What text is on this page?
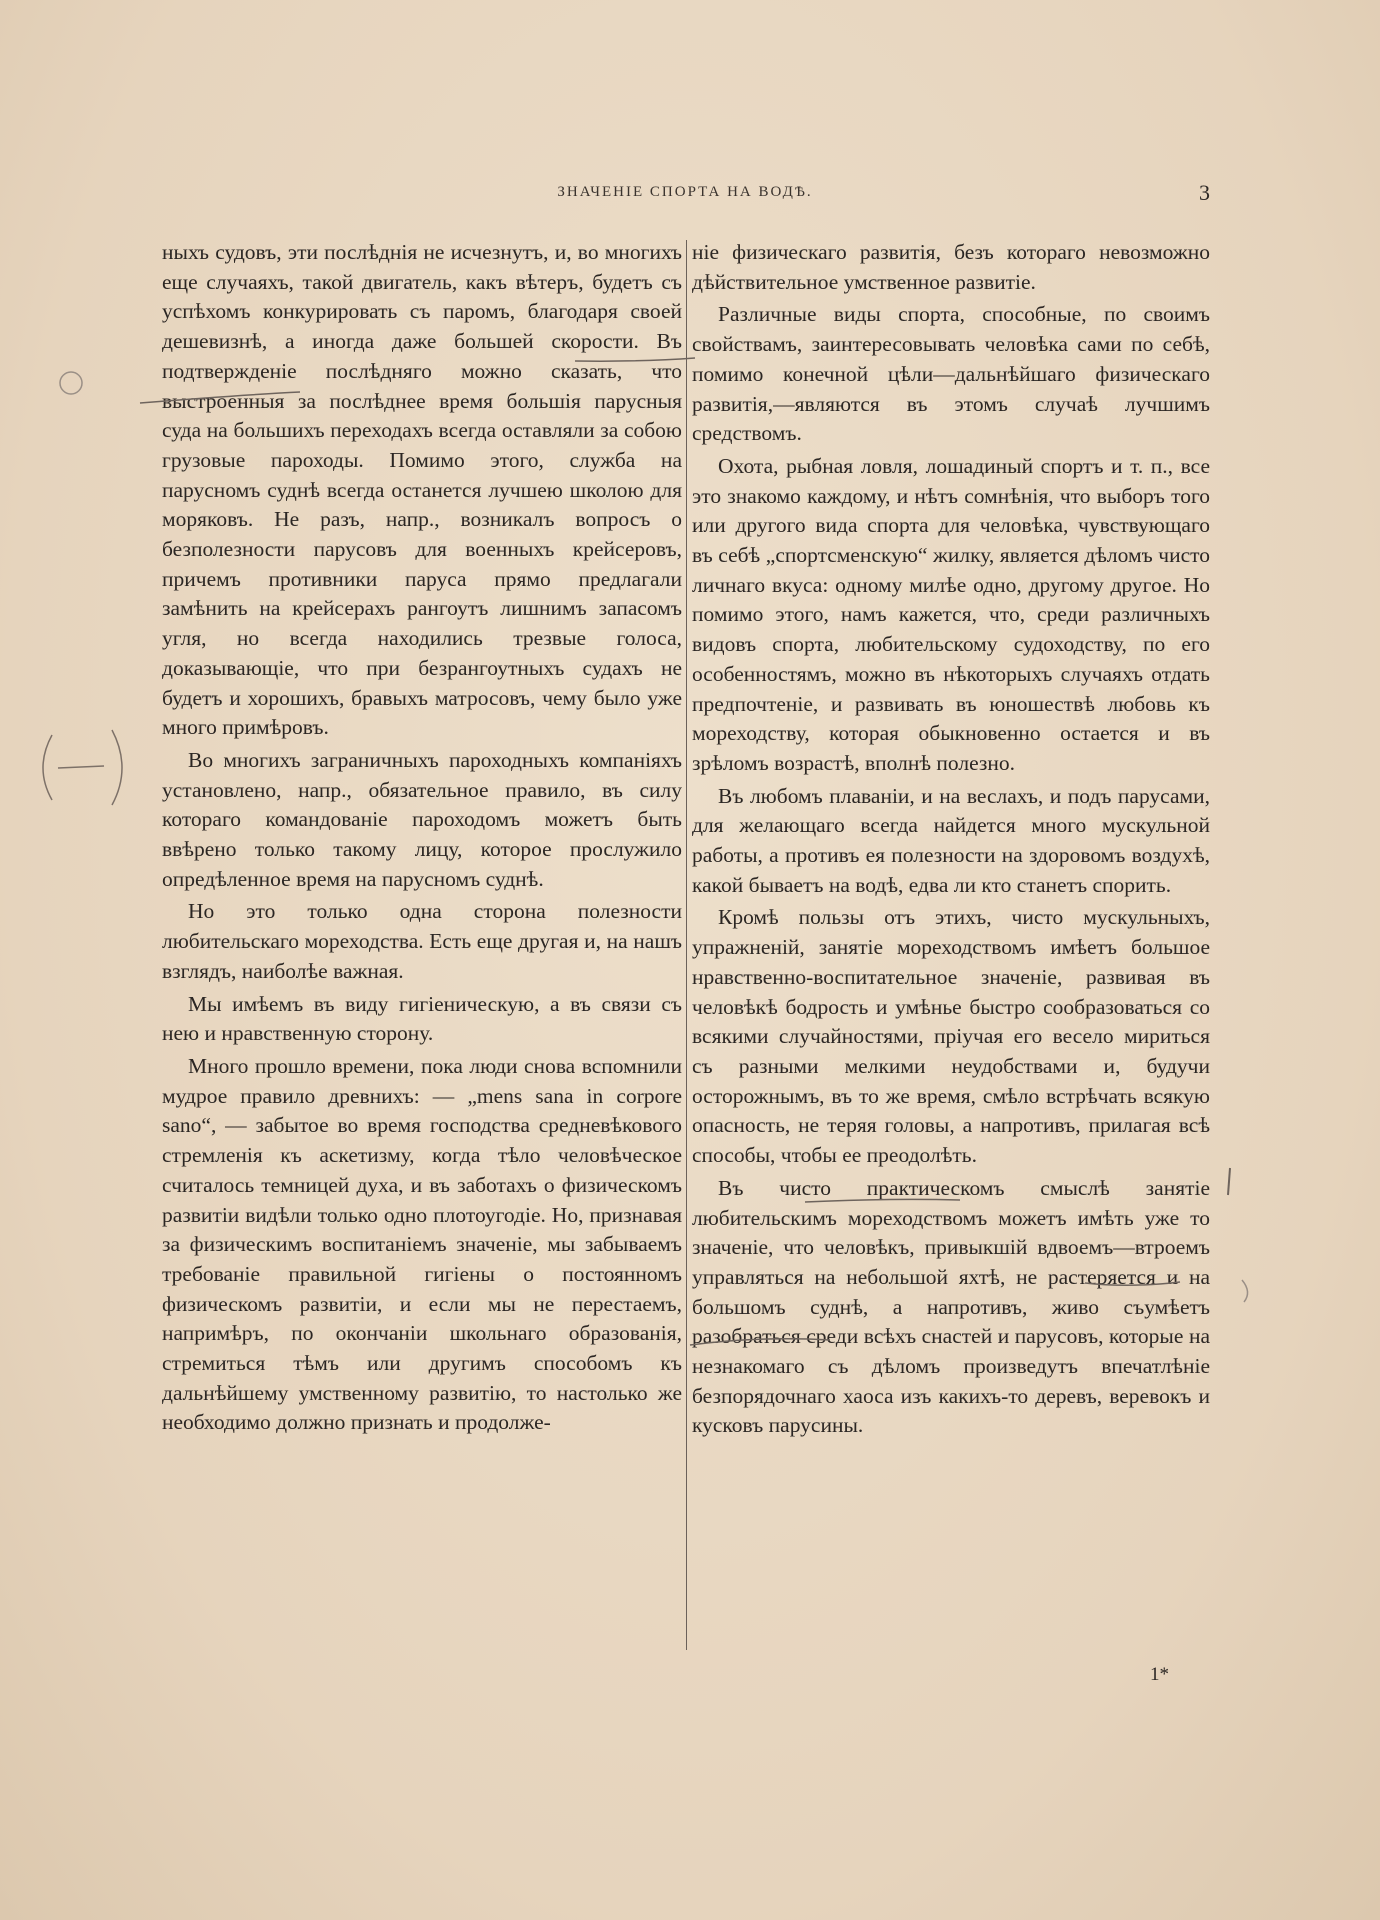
ЗНАЧЕНІЕ СПОРТА НА ВОДѢ.	3

ныхъ судовъ, эти послѣднія не исчезнутъ, и, во многихъ еще случаяхъ, такой двигатель, какъ вѣтеръ, будетъ съ успѣхомъ конкурировать съ паромъ, благодаря своей дешевизнѣ, а иногда даже большей скорости. Въ подтвержденіе послѣдняго можно сказать, что выстроенныя за послѣднее время большія парусныя суда на большихъ переходахъ всегда оставляли за собою грузовые пароходы. Помимо этого, служба на парусномъ суднѣ всегда останется лучшею школою для моряковъ. Не разъ, напр., возникалъ вопросъ о безполезности парусовъ для военныхъ крейсеровъ, причемъ противники паруса прямо предлагали замѣнить на крейсерахъ рангоутъ лишнимъ запасомъ угля, но всегда находились трезвые голоса, доказывающіе, что при безрангоутныхъ судахъ не будетъ и хорошихъ, бравыхъ матросовъ, чему было уже много примѣровъ.

Во многихъ заграничныхъ пароходныхъ компаніяхъ установлено, напр., обязательное правило, въ силу котораго командованіе пароходомъ можетъ быть ввѣрено только такому лицу, которое прослужило опредѣленное время на парусномъ суднѣ.

Но это только одна сторона полезности любительскаго мореходства. Есть еще другая и, на нашъ взглядъ, наиболѣе важная.

Мы имѣемъ въ виду гигіеническую, а въ связи съ нею и нравственную сторону.

Много прошло времени, пока люди снова вспомнили мудрое правило древнихъ: — „mens sana in corpore sano“, — забытое во время господства средневѣкового стремленія къ аскетизму, когда тѣло человѣческое считалось темницей духа, и въ заботахъ о физическомъ развитіи видѣли только одно плотоугодіе. Но, признавая за физическимъ воспитаніемъ значеніе, мы забываемъ требованіе правильной гигіены о постоянномъ физическомъ развитіи, и если мы не перестаемъ, напримѣръ, по окончаніи школьнаго образованія, стремиться тѣмъ или другимъ способомъ къ дальнѣйшему умственному развитію, то настолько же необходимо должно признать и продолже-

ніе физическаго развитія, безъ котораго невозможно дѣйствительное умственное развитіе.

Различные виды спорта, способные, по своимъ свойствамъ, заинтересовывать человѣка сами по себѣ, помимо конечной цѣли—дальнѣйшаго физическаго развитія,—являются въ этомъ случаѣ лучшимъ средствомъ.

Охота, рыбная ловля, лошадиный спортъ и т. п., все это знакомо каждому, и нѣтъ сомнѣнія, что выборъ того или другого вида спорта для человѣка, чувствующаго въ себѣ „спортсменскую“ жилку, является дѣломъ чисто личнаго вкуса: одному милѣе одно, другому другое. Но помимо этого, намъ кажется, что, среди различныхъ видовъ спорта, любительскому судоходству, по его особенностямъ, можно въ нѣкоторыхъ случаяхъ отдать предпочтеніе, и развивать въ юношествѣ любовь къ мореходству, которая обыкновенно остается и въ зрѣломъ возрастѣ, вполнѣ полезно.

Въ любомъ плаваніи, и на веслахъ, и подъ парусами, для желающаго всегда найдется много мускульной работы, а противъ ея полезности на здоровомъ воздухѣ, какой бываетъ на водѣ, едва ли кто станетъ спорить.

Кромѣ пользы отъ этихъ, чисто мускульныхъ, упражненій, занятіе мореходствомъ имѣетъ большое нравственно-воспитательное значеніе, развивая въ человѣкѣ бодрость и умѣнье быстро сообразоваться со всякими случайностями, пріучая его весело мириться съ разными мелкими неудобствами и, будучи осторожнымъ, въ то же время, смѣло встрѣчать всякую опасность, не теряя головы, а напротивъ, прилагая всѣ способы, чтобы ее преодолѣть.

Въ чисто практическомъ смыслѣ занятіе любительскимъ мореходствомъ можетъ имѣть уже то значеніе, что человѣкъ, привыкшій вдвоемъ—втроемъ управляться на небольшой яхтѣ, не растеряется и на большомъ суднѣ, а напротивъ, живо съумѣетъ разобраться среди всѣхъ снастей и парусовъ, которые на незнакомаго съ дѣломъ произведутъ впечатлѣніе безпорядочнаго хаоса изъ какихъ-то деревъ, веревокъ и кусковъ парусины.

1*
